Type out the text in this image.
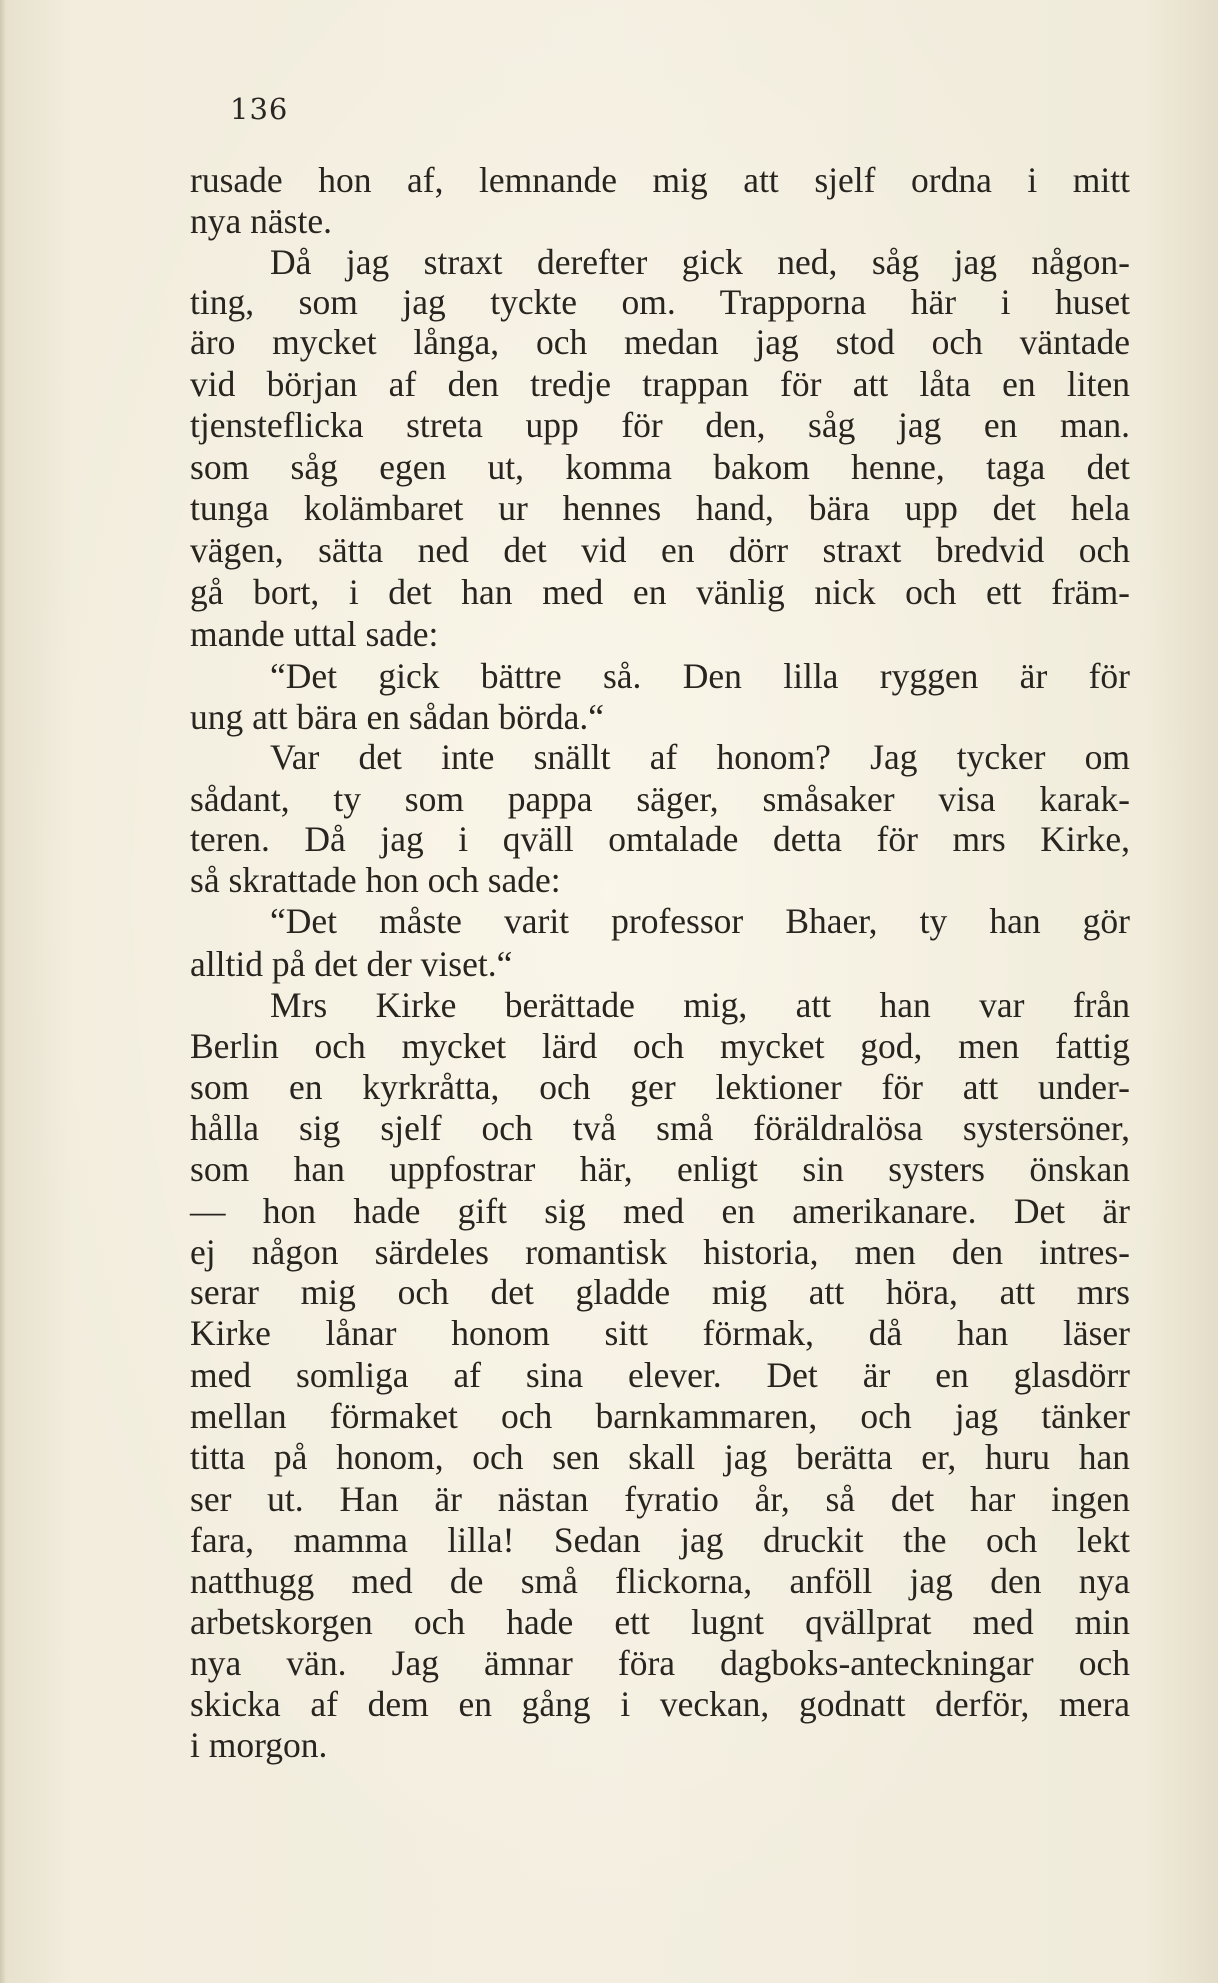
136
rusade hon af, lemnande mig att sjelf ordna i mitt
nya näste.
Då jag straxt derefter gick ned, såg jag någon-
ting, som jag tyckte om. Trapporna här i huset
äro mycket långa, och medan jag stod och väntade
vid början af den tredje trappan för att låta en liten
tjensteflicka streta upp för den, såg jag en man.
som såg egen ut, komma bakom henne, taga det
tunga kolämbaret ur hennes hand, bära upp det hela
vägen, sätta ned det vid en dörr straxt bredvid och
gå bort, i det han med en vänlig nick och ett främ-
mande uttal sade:
“Det gick bättre så. Den lilla ryggen är för
ung att bära en sådan börda.“
Var det inte snällt af honom? Jag tycker om
sådant, ty som pappa säger, småsaker visa karak-
teren. Då jag i qväll omtalade detta för mrs Kirke,
så skrattade hon och sade:
“Det måste varit professor Bhaer, ty han gör
alltid på det der viset.“
Mrs Kirke berättade mig, att han var från
Berlin och mycket lärd och mycket god, men fattig
som en kyrkråtta, och ger lektioner för att under-
hålla sig sjelf och två små föräldralösa systersöner,
som han uppfostrar här, enligt sin systers önskan
— hon hade gift sig med en amerikanare. Det är
ej någon särdeles romantisk historia, men den intres-
serar mig och det gladde mig att höra, att mrs
Kirke lånar honom sitt förmak, då han läser
med somliga af sina elever. Det är en glasdörr
mellan förmaket och barnkammaren, och jag tänker
titta på honom, och sen skall jag berätta er, huru han
ser ut. Han är nästan fyratio år, så det har ingen
fara, mamma lilla! Sedan jag druckit the och lekt
natthugg med de små flickorna, anföll jag den nya
arbetskorgen och hade ett lugnt qvällprat med min
nya vän. Jag ämnar föra dagboks-anteckningar och
skicka af dem en gång i veckan, godnatt derför, mera
i morgon.
